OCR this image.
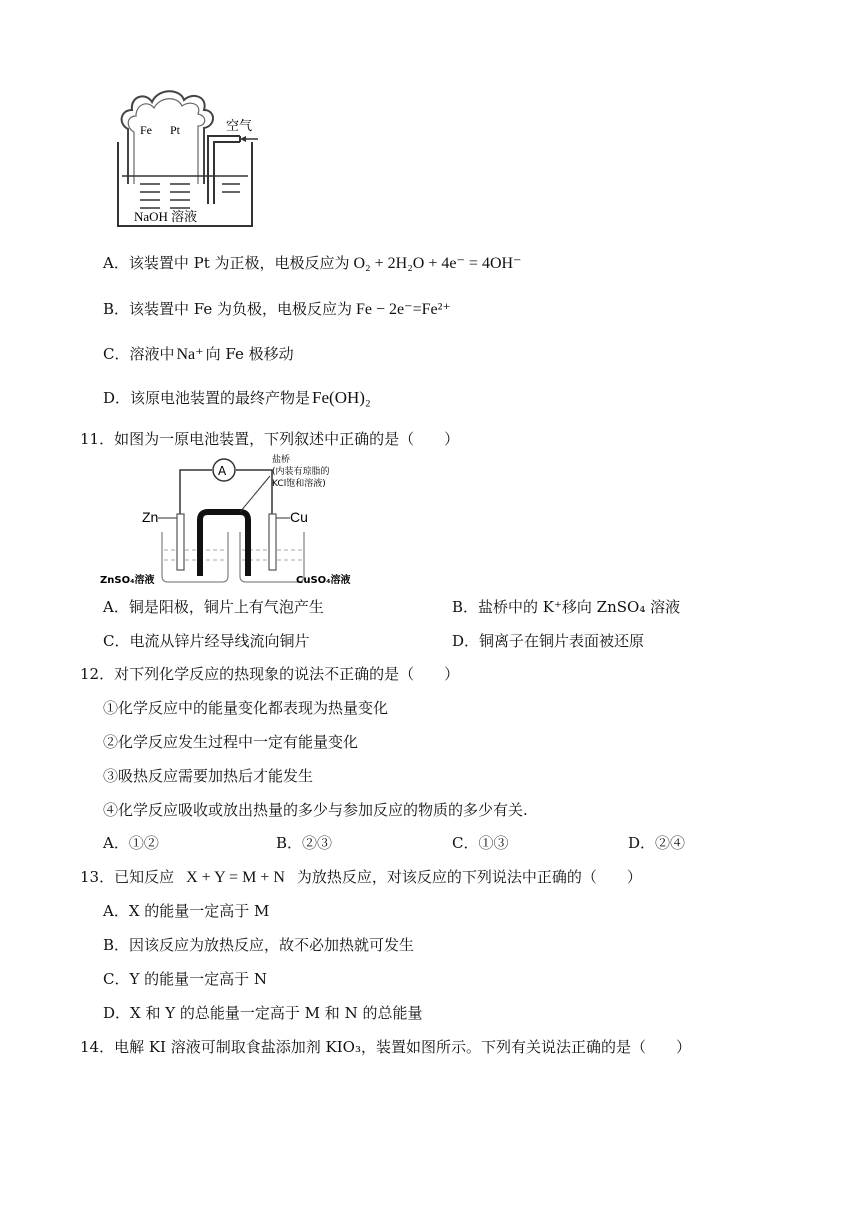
Fe Pt	空气
NaOH 溶液
A．该装置中 Pt 为正极，电极反应为 O₂ + 2H₂O + 4e⁻ = 4OH⁻
B．该装置中 Fe 为负极，电极反应为 Fe − 2e⁻=Fe²⁺
C．溶液中 Na⁺ 向 Fe 极移动
D．该原电池装置的最终产物是 Fe(OH)₂
11．如图为一原电池装置，下列叙述中正确的是（　　）
A
盐桥
(内装有琼脂的
KCl饱和溶液)
Zn	Cu
ZnSO₄溶液	CuSO₄溶液
A．铜是阳极，铜片上有气泡产生	B．盐桥中的 K⁺移向 ZnSO₄ 溶液
C．电流从锌片经导线流向铜片	D．铜离子在铜片表面被还原
12．对下列化学反应的热现象的说法不正确的是（　　）
①化学反应中的能量变化都表现为热量变化
②化学反应发生过程中一定有能量变化
③吸热反应需要加热后才能发生
④化学反应吸收或放出热量的多少与参加反应的物质的多少有关.
A．①②	B．②③	C．①③	D．②④
13．已知反应 X + Y = M + N 为放热反应，对该反应的下列说法中正确的（　　）
A．X 的能量一定高于 M
B．因该反应为放热反应，故不必加热就可发生
C．Y 的能量一定高于 N
D．X 和 Y 的总能量一定高于 M 和 N 的总能量
14．电解 KI 溶液可制取食盐添加剂 KIO₃，装置如图所示。下列有关说法正确的是（　　）
